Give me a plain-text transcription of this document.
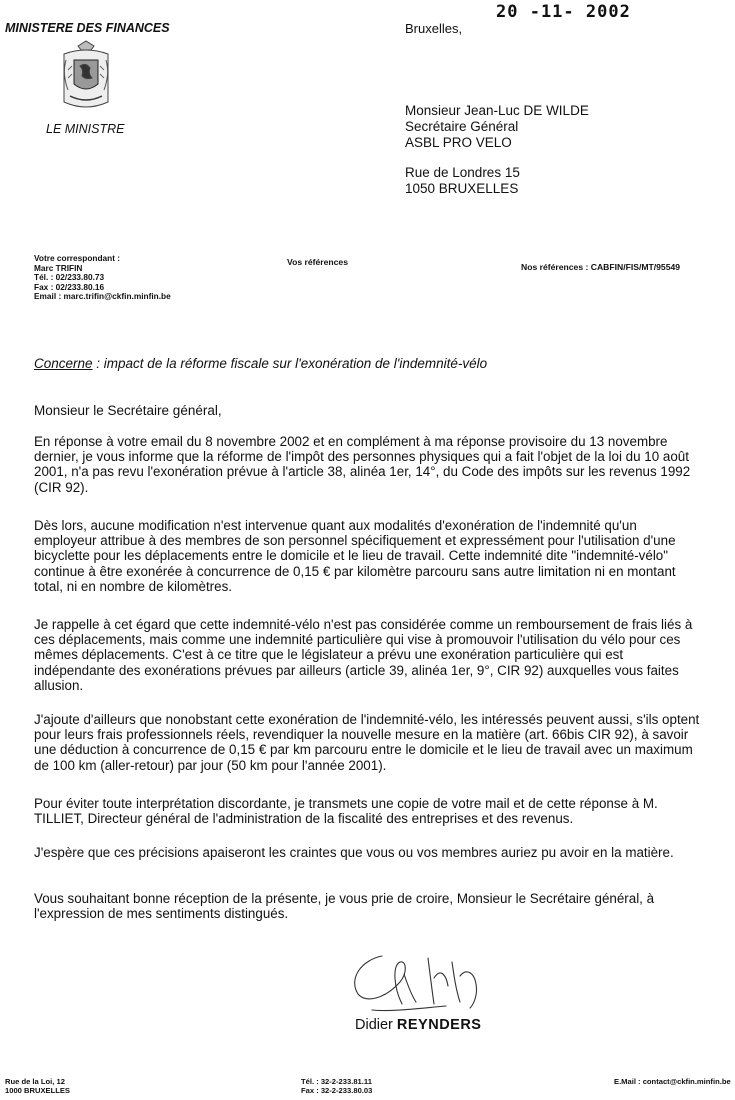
MINISTERE DES FINANCES
LE MINISTRE
20 -11- 2002
Bruxelles,
Monsieur Jean-Luc DE WILDE
Secrétaire Général
ASBL PRO VELO
Rue de Londres 15
1050 BRUXELLES
Votre correspondant :
Marc TRIFIN
Tél. : 02/233.80.73
Fax : 02/233.80.16
Email : marc.trifin@ckfin.minfin.be
Vos références	Nos références : CABFIN/FIS/MT/95549
Concerne : impact de la réforme fiscale sur l'exonération de l'indemnité-vélo
Monsieur le Secrétaire général,
En réponse à votre email du 8 novembre 2002 et en complément à ma réponse provisoire du 13 novembre dernier, je vous informe que la réforme de l'impôt des personnes physiques qui a fait l'objet de la loi du 10 août 2001, n'a pas revu l'exonération prévue à l'article 38, alinéa 1er, 14°, du Code des impôts sur les revenus 1992 (CIR 92).
Dès lors, aucune modification n'est intervenue quant aux modalités d'exonération de l'indemnité qu'un employeur attribue à des membres de son personnel spécifiquement et expressément pour l'utilisation d'une bicyclette pour les déplacements entre le domicile et le lieu de travail. Cette indemnité dite "indemnité-vélo" continue à être exonérée à concurrence de 0,15 € par kilomètre parcouru sans autre limitation ni en montant total, ni en nombre de kilomètres.
Je rappelle à cet égard que cette indemnité-vélo n'est pas considérée comme un remboursement de frais liés à ces déplacements, mais comme une indemnité particulière qui vise à promouvoir l'utilisation du vélo pour ces mêmes déplacements. C'est à ce titre que le législateur a prévu une exonération particulière qui est indépendante des exonérations prévues par ailleurs (article 39, alinéa 1er, 9°, CIR 92) auxquelles vous faites allusion.
J'ajoute d'ailleurs que nonobstant cette exonération de l'indemnité-vélo, les intéressés peuvent aussi, s'ils optent pour leurs frais professionnels réels, revendiquer la nouvelle mesure en la matière (art. 66bis CIR 92), à savoir une déduction à concurrence de 0,15 € par km parcouru entre le domicile et le lieu de travail avec un maximum de 100 km (aller-retour) par jour (50 km pour l'année 2001).
Pour éviter toute interprétation discordante, je transmets une copie de votre mail et de cette réponse à M. TILLIET, Directeur général de l'administration de la fiscalité des entreprises et des revenus.
J'espère que ces précisions apaiseront les craintes que vous ou vos membres auriez pu avoir en la matière.
Vous souhaitant bonne réception de la présente, je vous prie de croire, Monsieur le Secrétaire général, à l'expression de mes sentiments distingués.
Didier REYNDERS
Rue de la Loi, 12
1000 BRUXELLES
Tél. : 32-2-233.81.11
Fax : 32-2-233.80.03
E.Mail : contact@ckfin.minfin.be
